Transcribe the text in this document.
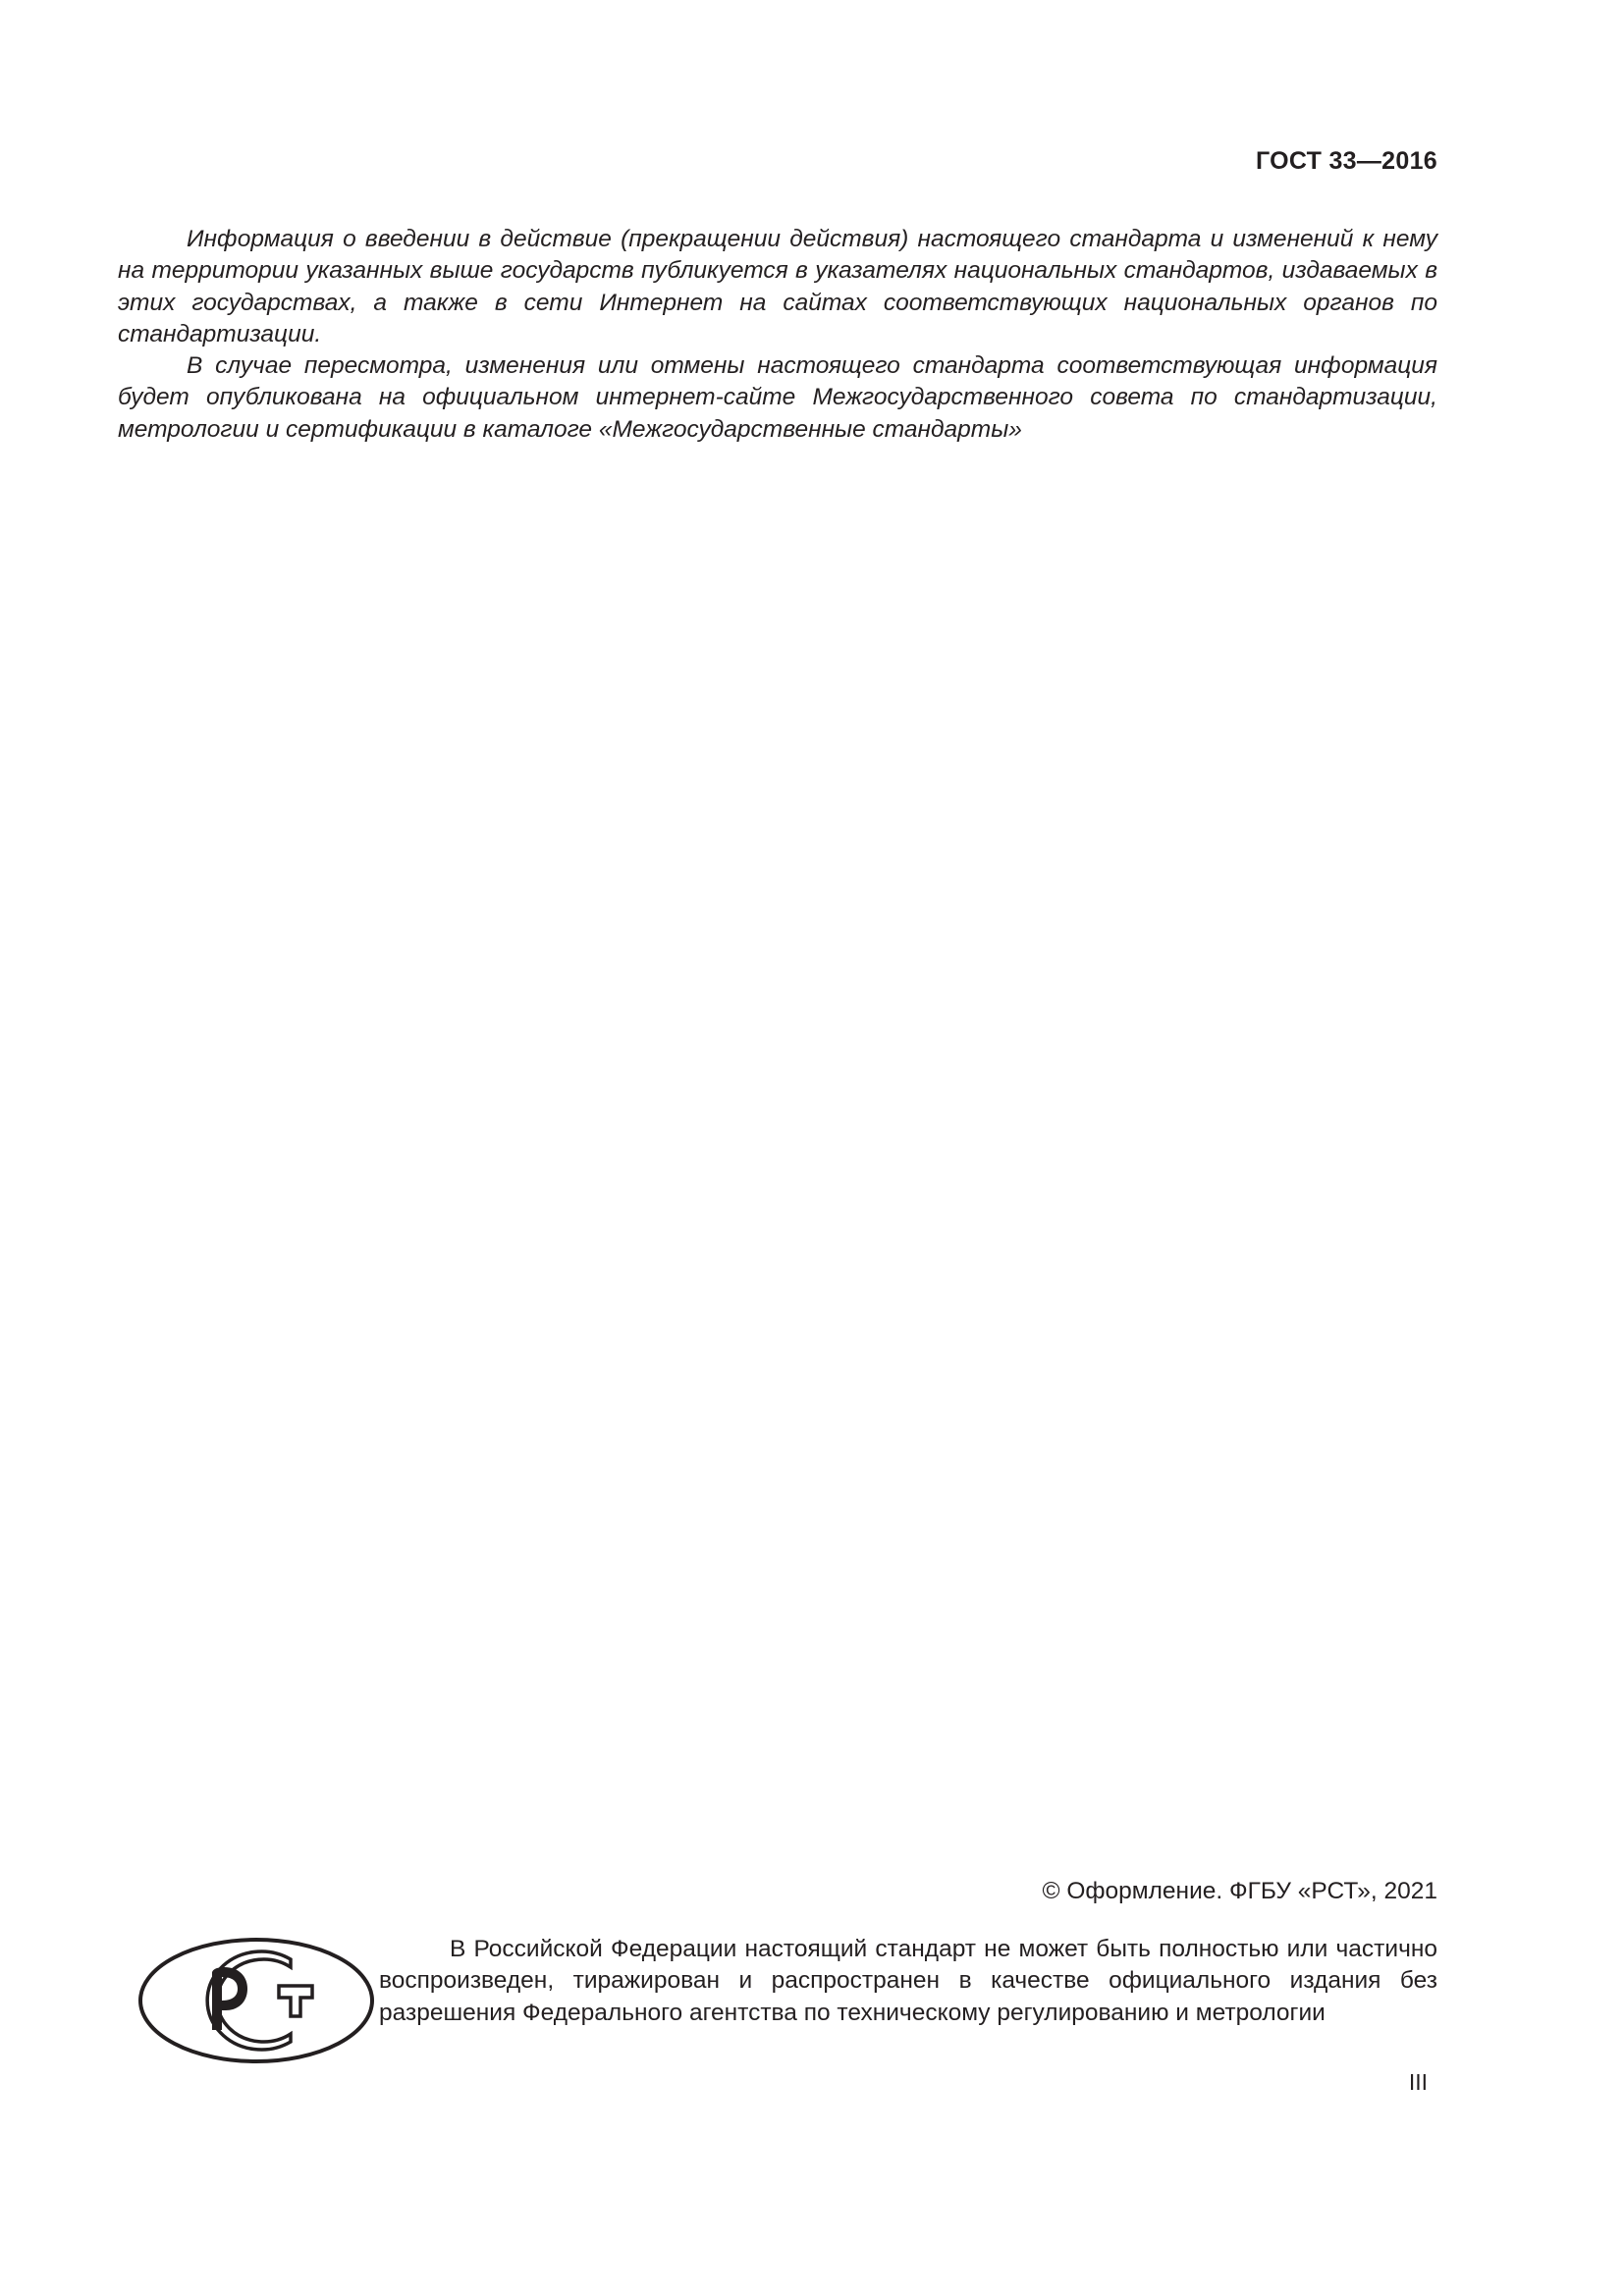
ГОСТ 33—2016

Информация о введении в действие (прекращении действия) настоящего стандарта и изменений к нему на территории указанных выше государств публикуется в указателях национальных стандартов, издаваемых в этих государствах, а также в сети Интернет на сайтах соответствующих национальных органов по стандартизации.

В случае пересмотра, изменения или отмены настоящего стандарта соответствующая информация будет опубликована на официальном интернет-сайте Межгосударственного совета по стандартизации, метрологии и сертификации в каталоге «Межгосударственные стандарты»

© Оформление. ФГБУ «РСТ», 2021

В Российской Федерации настоящий стандарт не может быть полностью или частично воспроизведен, тиражирован и распространен в качестве официального издания без разрешения Федерального агентства по техническому регулированию и метрологии

III
